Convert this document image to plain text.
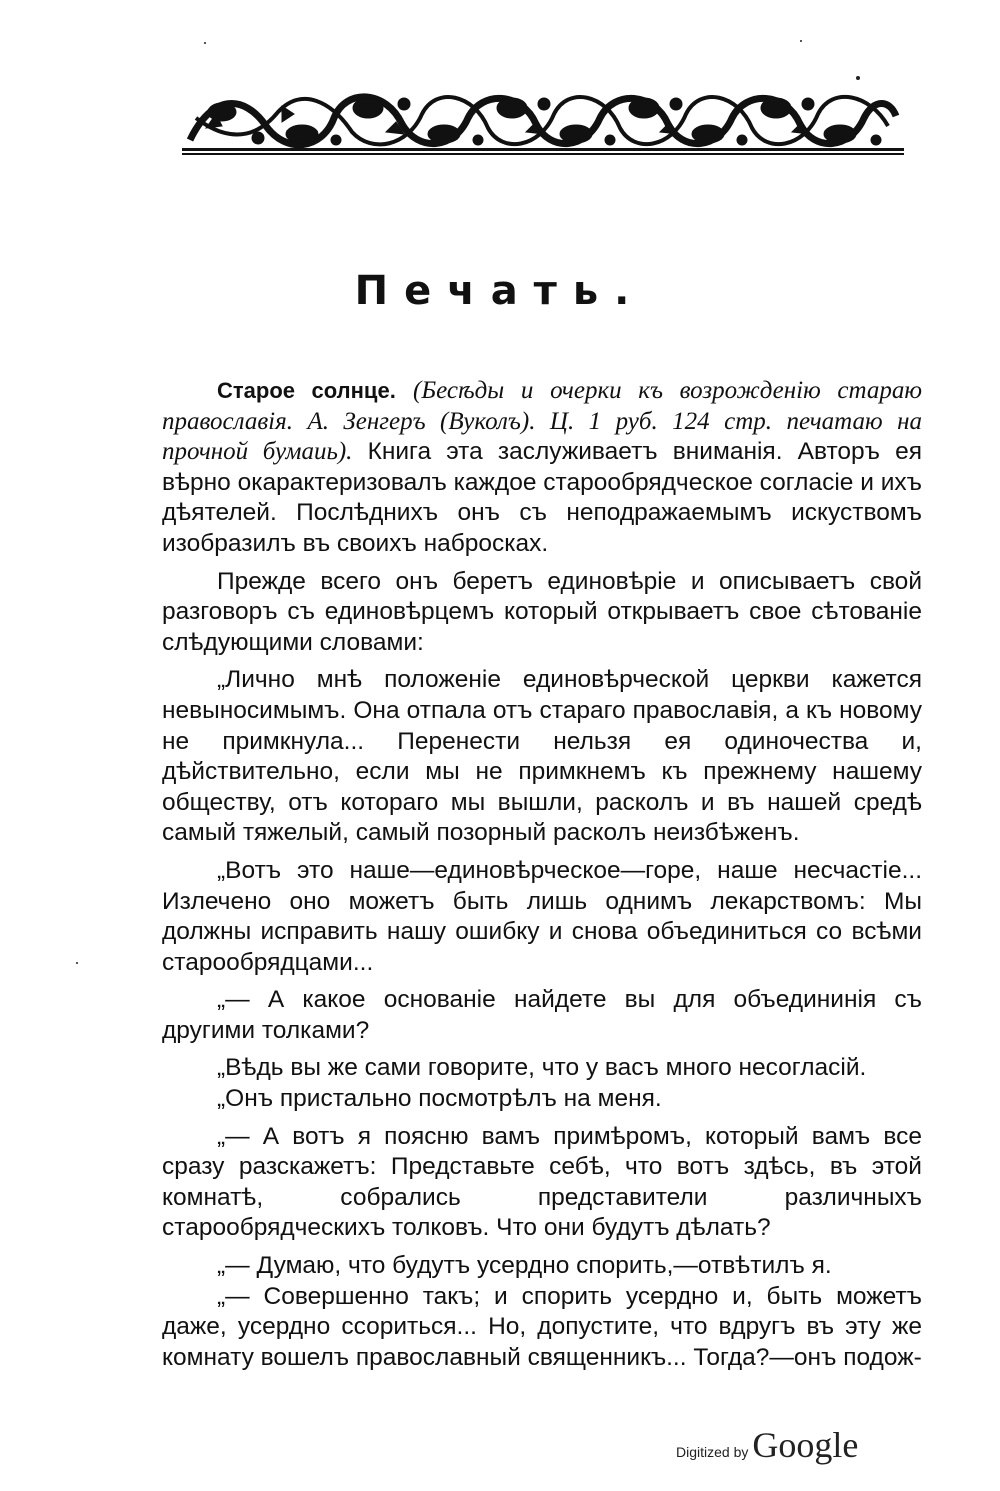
Печать.

Старое солнце. (Бесѣды и очерки къ возрожденію стараю православія. А. Зенгеръ (Вуколъ). Ц. 1 руб. 124 стр. печатаю на прочной бумаиь). Книга эта заслуживаетъ вниманія. Авторъ ея вѣрно окарактеризовалъ каждое старообрядческое согласіе и ихъ дѣятелей. Послѣднихъ онъ съ неподражаемымъ искуствомъ изобразилъ въ своихъ набросках.

Прежде всего онъ беретъ единовѣріе и описываетъ свой разговоръ съ единовѣрцемъ который открываетъ свое сѣтованіе слѣдующими словами:

„Лично мнѣ положеніе единовѣрческой церкви кажется невыносимымъ. Она отпала отъ стараго православія, а къ новому не примкнула... Перенести нельзя ея одиночества и, дѣйствительно, если мы не примкнемъ къ прежнему нашему обществу, отъ котораго мы вышли, расколъ и въ нашей средѣ самый тяжелый, самый позорный расколъ неизбѣженъ.

„Вотъ это наше—единовѣрческое—горе, наше несчастіе... Излечено оно можетъ быть лишь однимъ лекарствомъ: Мы должны исправить нашу ошибку и снова объединиться со всѣми старообрядцами...

„— А какое основаніе найдете вы для объедининія съ другими толками?

„Вѣдь вы же сами говорите, что у васъ много несогласій.

„Онъ пристально посмотрѣлъ на меня.

„— А вотъ я поясню вамъ примѣромъ, который вамъ все сразу разскажетъ: Представьте себѣ, что вотъ здѣсь, въ этой комнатѣ, собрались представители различныхъ старообрядческихъ толковъ. Что они будутъ дѣлать?

„— Думаю, что будутъ усердно спорить,—отвѣтилъ я.

„— Совершенно такъ; и спорить усердно и, быть можетъ даже, усердно ссориться... Но, допустите, что вдругъ въ эту же комнату вошелъ православный священникъ... Тогда?—онъ подож-

Digitized by Google
